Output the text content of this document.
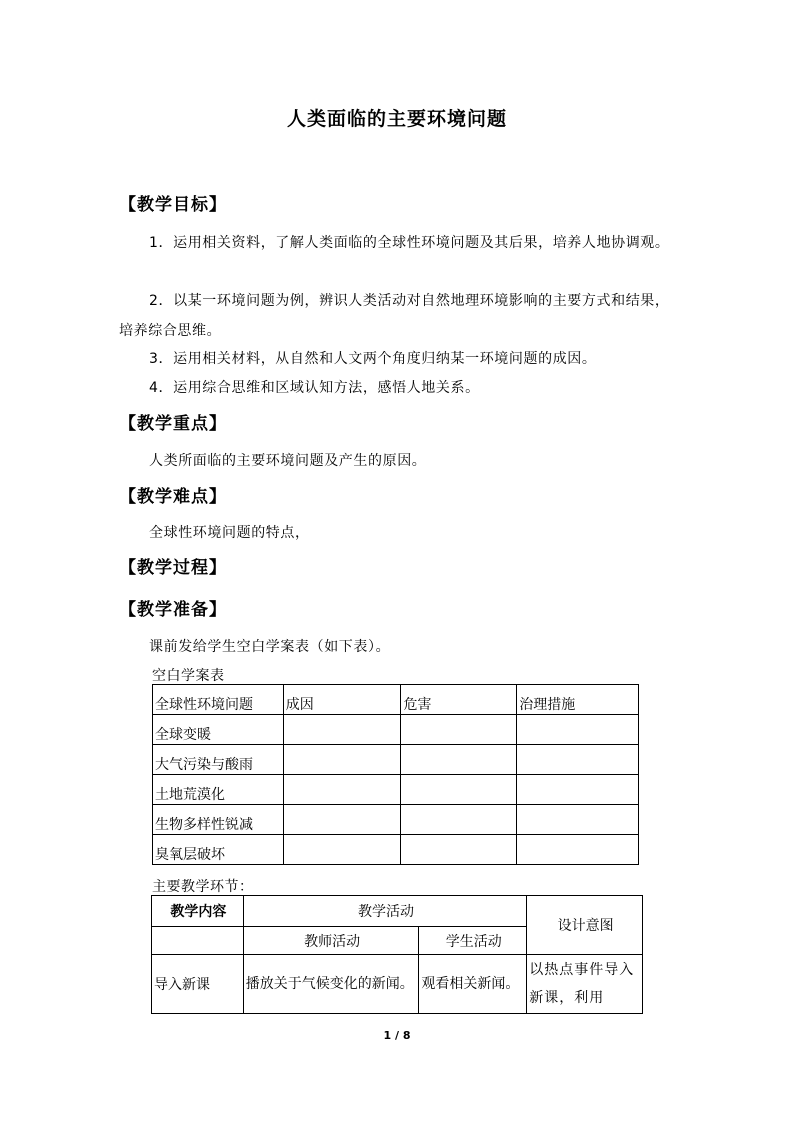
人类面临的主要环境问题
【教学目标】
1．运用相关资料，了解人类面临的全球性环境问题及其后果，培养人地协调观。
2．以某一环境问题为例，辨识人类活动对自然地理环境影响的主要方式和结果，培养综合思维。
3．运用相关材料，从自然和人文两个角度归纳某一环境问题的成因。
4．运用综合思维和区域认知方法，感悟人地关系。
【教学重点】
人类所面临的主要环境问题及产生的原因。
【教学难点】
全球性环境问题的特点，
【教学过程】
【教学准备】
课前发给学生空白学案表（如下表）。
空白学案表
全球性环境问题	成因	危害	治理措施
全球变暖			
大气污染与酸雨			
土地荒漠化			
生物多样性锐减			
臭氧层破坏			
主要教学环节：
教学内容	教学活动		设计意图
	教师活动	学生活动	
导入新课	播放关于气候变化的新闻。	观看相关新闻。	以热点事件导入新课，利用
1 / 8
